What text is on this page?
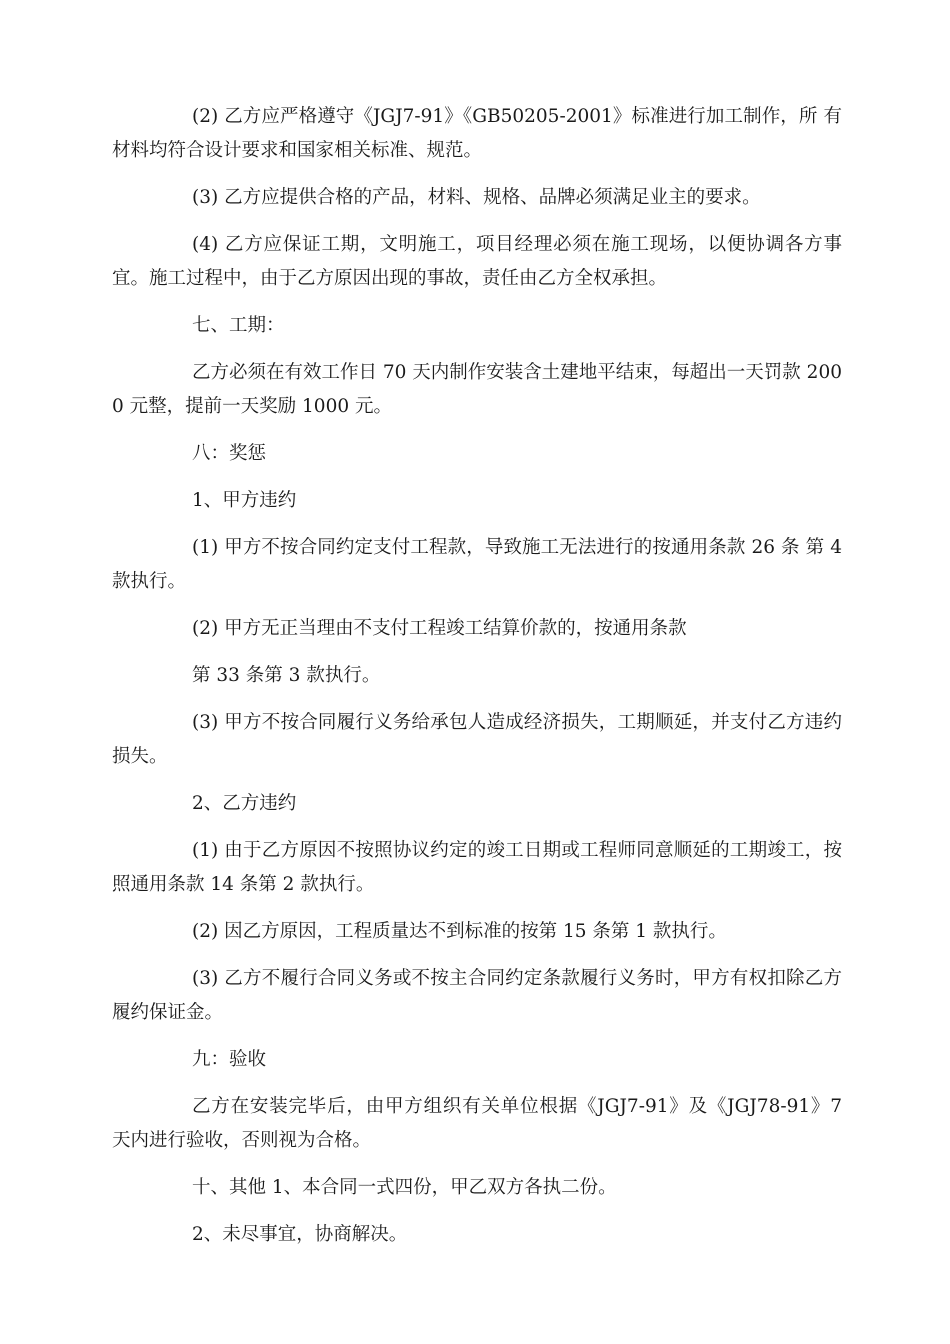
(2) 乙方应严格遵守《JGJ7-91》《GB50205-2001》标准进行加工制作，所 有材料均符合设计要求和国家相关标准、规范。

(3) 乙方应提供合格的产品，材料、规格、品牌必须满足业主的要求。

(4) 乙方应保证工期，文明施工，项目经理必须在施工现场，以便协调各方事宜。施工过程中，由于乙方原因出现的事故，责任由乙方全权承担。

七、工期：

乙方必须在有效工作日 70 天内制作安装含土建地平结束，每超出一天罚款 2000 元整，提前一天奖励 1000 元。

八：奖惩

1、甲方违约

(1) 甲方不按合同约定支付工程款，导致施工无法进行的按通用条款 26 条 第 4 款执行。

(2) 甲方无正当理由不支付工程竣工结算价款的，按通用条款

第 33 条第 3 款执行。

(3) 甲方不按合同履行义务给承包人造成经济损失，工期顺延，并支付乙方违约损失。

2、乙方违约

(1) 由于乙方原因不按照协议约定的竣工日期或工程师同意顺延的工期竣工，按照通用条款 14 条第 2 款执行。

(2) 因乙方原因，工程质量达不到标准的按第 15 条第 1 款执行。

(3) 乙方不履行合同义务或不按主合同约定条款履行义务时，甲方有权扣除乙方履约保证金。

九：验收

乙方在安装完毕后，由甲方组织有关单位根据《JGJ7-91》及《JGJ78-91》7 天内进行验收，否则视为合格。

十、其他 1、本合同一式四份，甲乙双方各执二份。

2、未尽事宜，协商解决。
